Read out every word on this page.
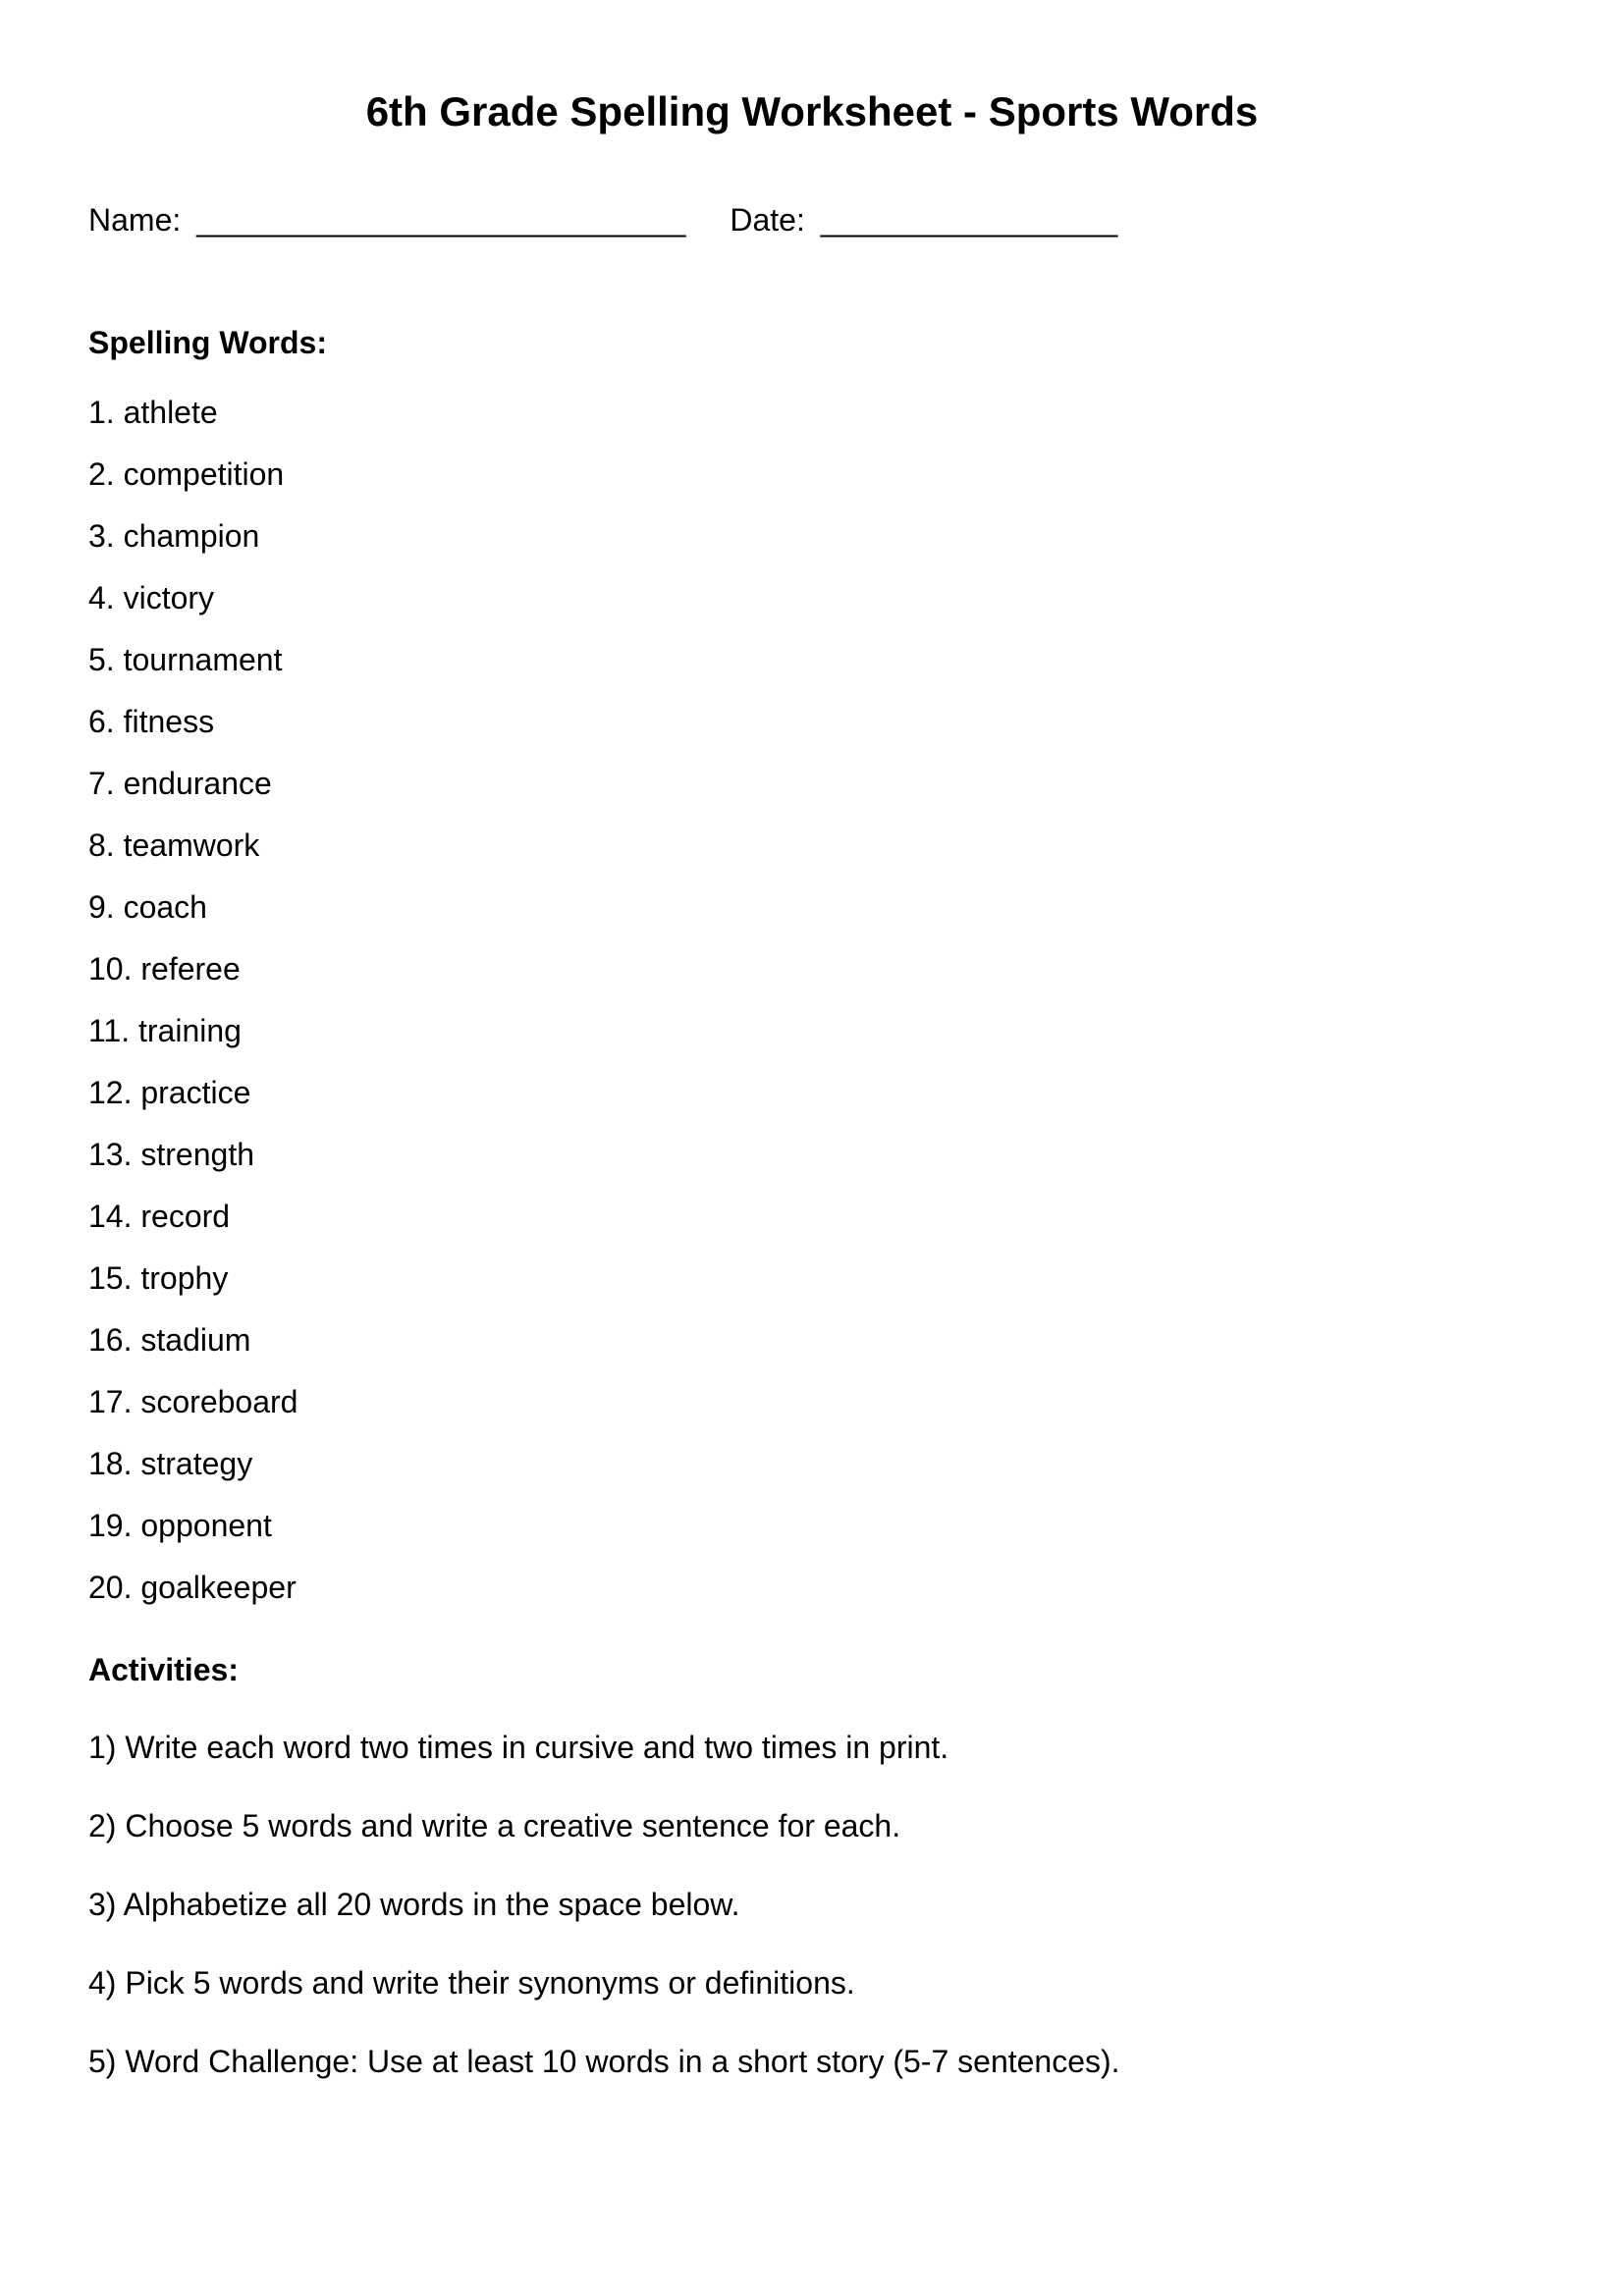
6th Grade Spelling Worksheet - Sports Words
Name: ____________________________ Date: _________________
Spelling Words:

1. athlete

2. competition

3. champion

4. victory

5. tournament

6. fitness

7. endurance

8. teamwork

9. coach

10. referee

11. training

12. practice

13. strength

14. record

15. trophy

16. stadium

17. scoreboard

18. strategy

19. opponent

20. goalkeeper

Activities:

1) Write each word two times in cursive and two times in print.

2) Choose 5 words and write a creative sentence for each.

3) Alphabetize all 20 words in the space below.

4) Pick 5 words and write their synonyms or definitions.

5) Word Challenge: Use at least 10 words in a short story (5-7 sentences).
